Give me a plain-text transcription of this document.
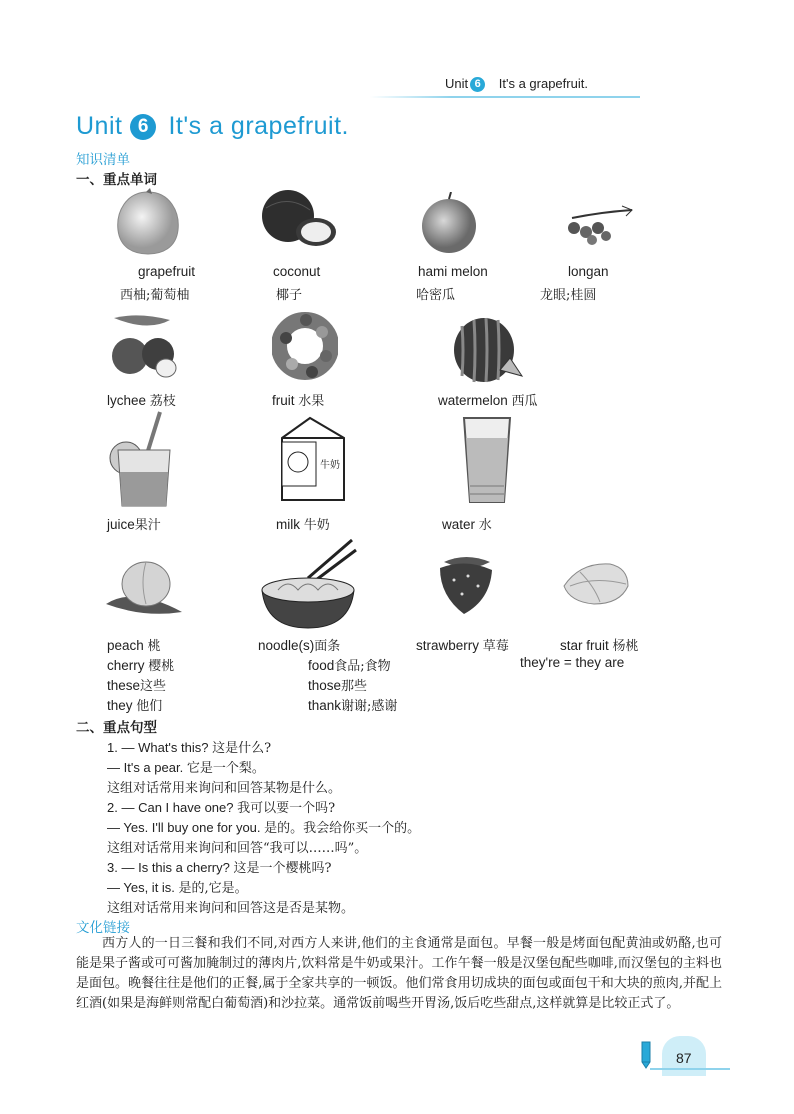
Unit 6 It's a grapefruit.
Unit 6 It's a grapefruit.
知识清单
一、重点单词
grapefruit
西柚;葡萄柚
coconut
椰子
hami melon
哈密瓜
longan
龙眼;桂圆
lychee 荔枝	fruit 水果	watermelon 西瓜
牛奶
juice果汁	milk 牛奶	water 水
peach 桃	noodle(s)面条	strawberry 草莓	star fruit 杨桃
cherry 樱桃	food食品;食物	they're = they are
these这些	those那些
they 他们	thank谢谢;感谢
二、重点句型
1. — What's this? 这是什么?
— It's a pear. 它是一个梨。
这组对话常用来询问和回答某物是什么。
2. — Can I have one? 我可以要一个吗?
— Yes. I'll buy one for you. 是的。我会给你买一个的。
这组对话常用来询问和回答“我可以……吗”。
3. — Is this a cherry? 这是一个樱桃吗?
— Yes, it is. 是的,它是。
这组对话常用来询问和回答这是否是某物。
文化链接
西方人的一日三餐和我们不同,对西方人来讲,他们的主食通常是面包。早餐一般是烤面包配黄油或奶酪,也可能是果子酱或可可酱加腌制过的薄肉片,饮料常是牛奶或果汁。工作午餐一般是汉堡包配些咖啡,而汉堡包的主料也是面包。晚餐往往是他们的正餐,属于全家共享的一顿饭。他们常食用切成块的面包或面包干和大块的煎肉,并配上红酒(如果是海鲜则常配白葡萄酒)和沙拉菜。通常饭前喝些开胃汤,饭后吃些甜点,这样就算是比较正式了。
87
